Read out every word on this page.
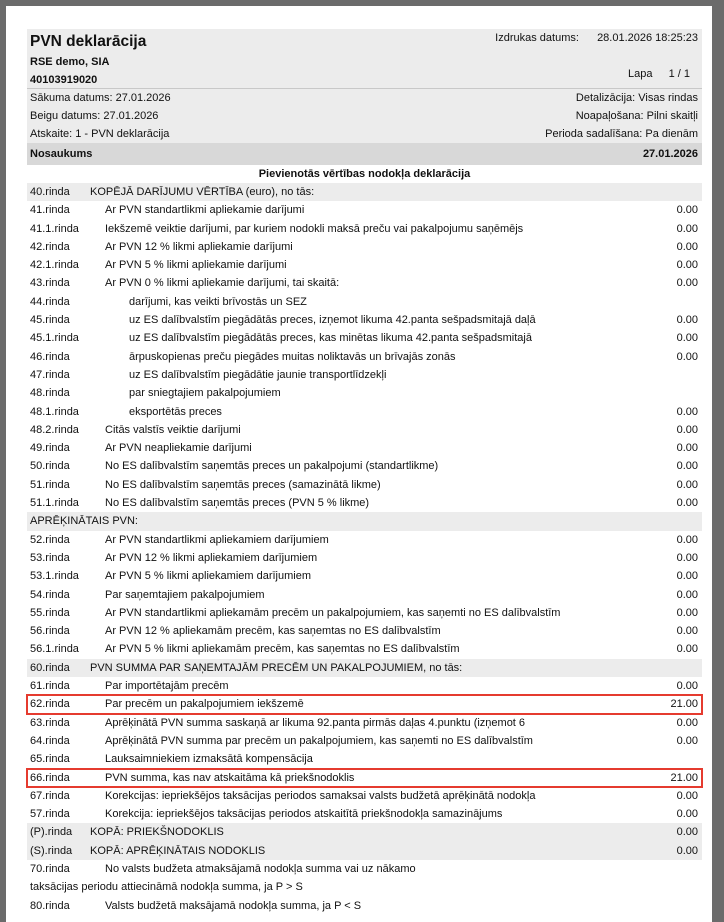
PVN deklarācija
RSE demo, SIA
40103919020
Izdrukas datums: 28.01.2026 18:25:23
Lapa 1 / 1
Sākuma datums: 27.01.2026
Beigu datums: 27.01.2026
Atskaite: 1 - PVN deklarācija
Detalizācija: Visas rindas
Noapaļošana: Pilni skaitļi
Perioda sadalīšana: Pa dienām
Nosaukums	27.01.2026
Pievienotās vērtības nodokļa deklarācija
40.rinda KOPĒJĀ DARĪJUMU VĒRTĪBA (euro), no tās:
41.rinda	Ar PVN standartlikmi apliekamie darījumi	0.00
41.1.rinda Iekšzemē veiktie darījumi, par kuriem nodokli maksā preču vai pakalpojumu saņēmējs	0.00
42.rinda	Ar PVN 12 % likmi apliekamie darījumi	0.00
42.1.rinda Ar PVN 5 % likmi apliekamie darījumi	0.00
43.rinda	Ar PVN 0 % likmi apliekamie darījumi, tai skaitā:	0.00
44.rinda	darījumi, kas veikti brīvostās un SEZ
45.rinda	uz ES dalībvalstīm piegādātās preces, izņemot likuma 42.panta sešpadsmitajā daļā	0.00
45.1.rinda	uz ES dalībvalstīm piegādātās preces, kas minētas likuma 42.panta sešpadsmitajā	0.00
46.rinda	ārpuskopienas preču piegādes muitas noliktavās un brīvajās zonās	0.00
47.rinda	uz ES dalībvalstīm piegādātie jaunie transportlīdzekļi
48.rinda	par sniegtajiem pakalpojumiem
48.1.rinda	eksportētās preces	0.00
48.2.rinda Citās valstīs veiktie darījumi	0.00
49.rinda	Ar PVN neapliekamie darījumi	0.00
50.rinda	No ES dalībvalstīm saņemtās preces un pakalpojumi (standartlikme)	0.00
51.rinda	No ES dalībvalstīm saņemtās preces (samazinātā likme)	0.00
51.1.rinda No ES dalībvalstīm saņemtās preces (PVN 5 % likme)	0.00
APRĒĶINĀTAIS PVN:
52.rinda	Ar PVN standartlikmi apliekamiem darījumiem	0.00
53.rinda	Ar PVN 12 % likmi apliekamiem darījumiem	0.00
53.1.rinda Ar PVN 5 % likmi apliekamiem darījumiem	0.00
54.rinda	Par saņemtajiem pakalpojumiem	0.00
55.rinda	Ar PVN standartlikmi apliekamām precēm un pakalpojumiem, kas saņemti no ES dalībvalstīm	0.00
56.rinda	Ar PVN 12 % apliekamām precēm, kas saņemtas no ES dalībvalstīm	0.00
56.1.rinda Ar PVN 5 % likmi apliekamām precēm, kas saņemtas no ES dalībvalstīm	0.00
60.rinda PVN SUMMA PAR SAŅEMTAJĀM PRECĒM UN PAKALPOJUMIEM, no tās:
61.rinda	Par importētajām precēm	0.00
62.rinda	Par precēm un pakalpojumiem iekšzemē	21.00
63.rinda	Aprēķinātā PVN summa saskaņā ar likuma 92.panta pirmās daļas 4.punktu (izņemot 6	0.00
64.rinda	Aprēķinātā PVN summa par precēm un pakalpojumiem, kas saņemti no ES dalībvalstīm	0.00
65.rinda	Lauksaimniekiem izmaksātā kompensācija
66.rinda	PVN summa, kas nav atskaitāma kā priekšnodoklis	21.00
67.rinda	Korekcijas: iepriekšējos taksācijas periodos samaksai valsts budžetā aprēķinātā nodokļa	0.00
57.rinda	Korekcija: iepriekšējos taksācijas periodos atskaitītā priekšnodokļa samazinājums	0.00
(P).rinda KOPĀ: PRIEKŠNODOKLIS	0.00
(S).rinda KOPĀ: APRĒĶINĀTAIS NODOKLIS	0.00
70.rinda	No valsts budžeta atmaksājamā nodokļa summa vai uz nākamo
taksācijas periodu attiecināmā nodokļa summa, ja P > S
80.rinda	Valsts budžetā maksājamā nodokļa summa, ja P < S
